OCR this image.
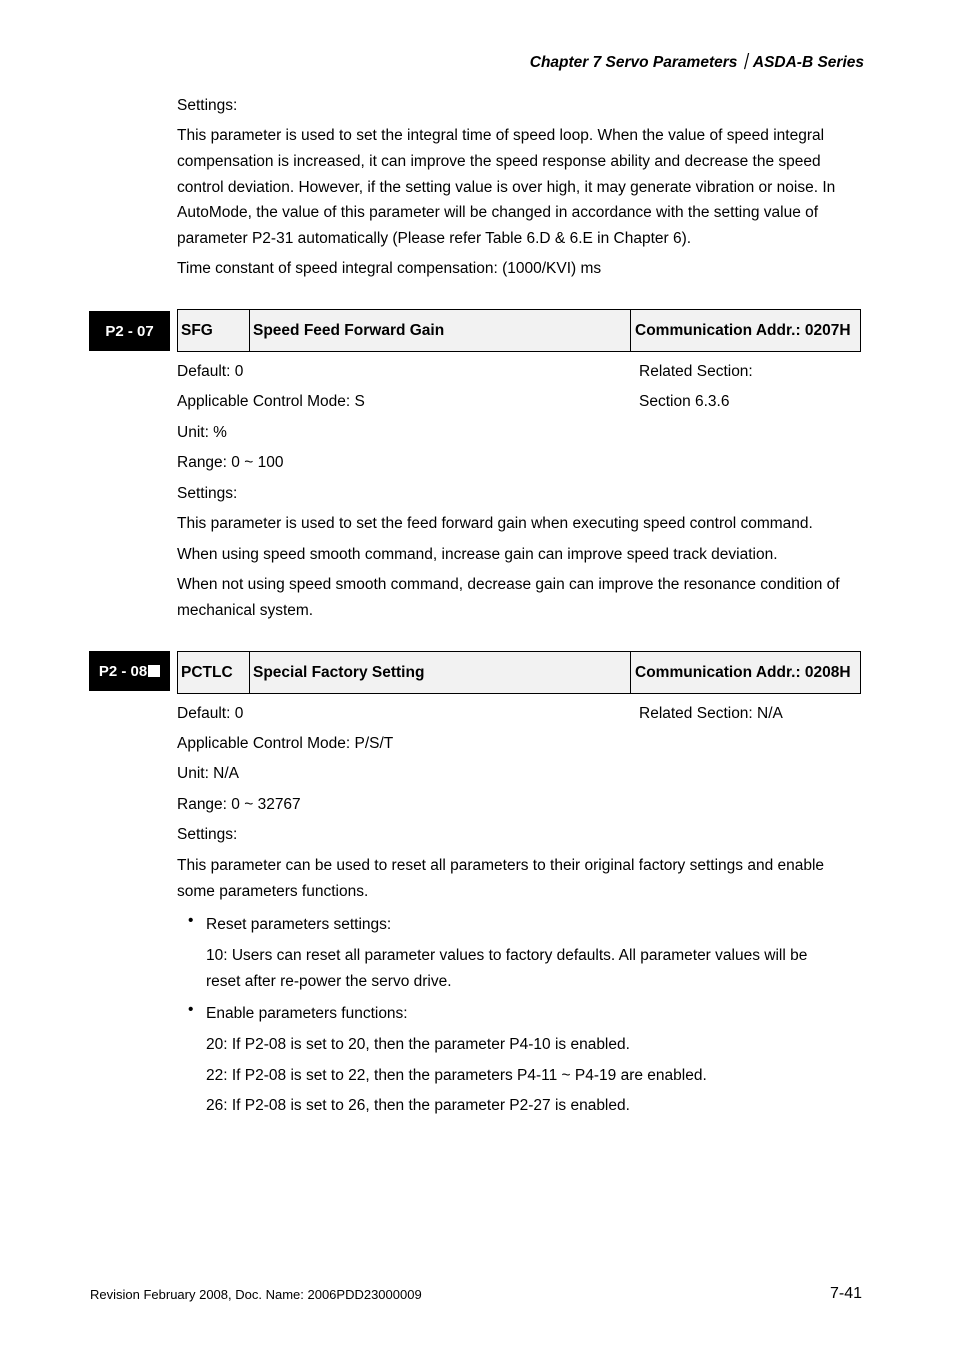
Chapter 7 Servo Parameters｜ASDA-B Series
Settings:
This parameter is used to set the integral time of speed loop. When the value of speed integral compensation is increased, it can improve the speed response ability and decrease the speed control deviation. However, if the setting value is over high, it may generate vibration or noise. In AutoMode, the value of this parameter will be changed in accordance with the setting value of parameter P2-31 automatically (Please refer Table 6.D & 6.E in Chapter 6).
Time constant of speed integral compensation: (1000/KVI) ms
P2 - 07 SFG	Speed Feed Forward Gain	Communication Addr.: 0207H
Default: 0	Related Section:
Applicable Control Mode: S	Section 6.3.6
Unit: %
Range: 0 ~ 100
Settings:
This parameter is used to set the feed forward gain when executing speed control command.
When using speed smooth command, increase gain can improve speed track deviation.
When not using speed smooth command, decrease gain can improve the resonance condition of mechanical system.
P2 - 08 PCTLC	Special Factory Setting	Communication Addr.: 0208H
Default: 0	Related Section: N/A
Applicable Control Mode: P/S/T
Unit: N/A
Range: 0 ~ 32767
Settings:
This parameter can be used to reset all parameters to their original factory settings and enable some parameters functions.
• Reset parameters settings:
10: Users can reset all parameter values to factory defaults. All parameter values will be reset after re-power the servo drive.
• Enable parameters functions:
20: If P2-08 is set to 20, then the parameter P4-10 is enabled.
22: If P2-08 is set to 22, then the parameters P4-11 ~ P4-19 are enabled.
26: If P2-08 is set to 26, then the parameter P2-27 is enabled.
Revision February 2008, Doc. Name: 2006PDD23000009	7-41
